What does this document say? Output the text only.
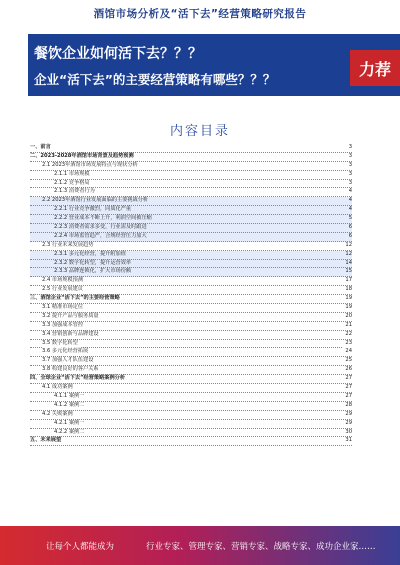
酒馆市场分析及“活下去”经营策略研究报告
餐饮企业如何活下去？？？
企业“活下去”的主要经营策略有哪些？？？
力荐
内容目录
一、前言	3
二、2023-2028年酒馆市场背景及趋势预测	3
2.1 2023年酒馆市场发展特点与现状分析	3
2.1.1 市场规模	3
2.1.2 竞争格局	3
2.1.3 消费者行为	4
2.2 2023年酒馆行业发展面临的主要挑战分析	4
2.2.1 行业竞争激烈，同质化严重	4
2.2.2 营业成本不断上升，利润空间被压缩	5
2.2.3 消费者需求多变，行业需及时跟进	6
2.2.4 市场监管趋严，合规经营压力加大	6
2.3 行业未来发展趋势	12
2.3.1 多元化经营，提升附加值	12
2.3.2 数字化转型，提升运营效率	14
2.3.3 品牌连锁化，扩大市场份额	15
2.4 市场规模预测	17
2.5 行业发展建议	18
三、酒馆企业“活下去”的主要经营策略	19
3.1 精准市场定位	19
3.2 提升产品与服务质量	20
3.3 加强成本管控	21
3.4 营销创新与品牌建设	22
3.5 数字化转型	23
3.6 多元化经营拓展	24
3.7 加强人才队伍建设	25
3.8 构建良好的客户关系	26
四、全球企业“活下去”经营策略案例分析	27
4.1 成功案例	27
4.1.1 案例一	27
4.1.2 案例二	28
4.2 失败案例	29
4.2.1 案例一	29
4.2.2 案例二	30
五、未来展望	31
让每个人都能成为	行业专家、管理专家、营销专家、战略专家、成功企业家……
